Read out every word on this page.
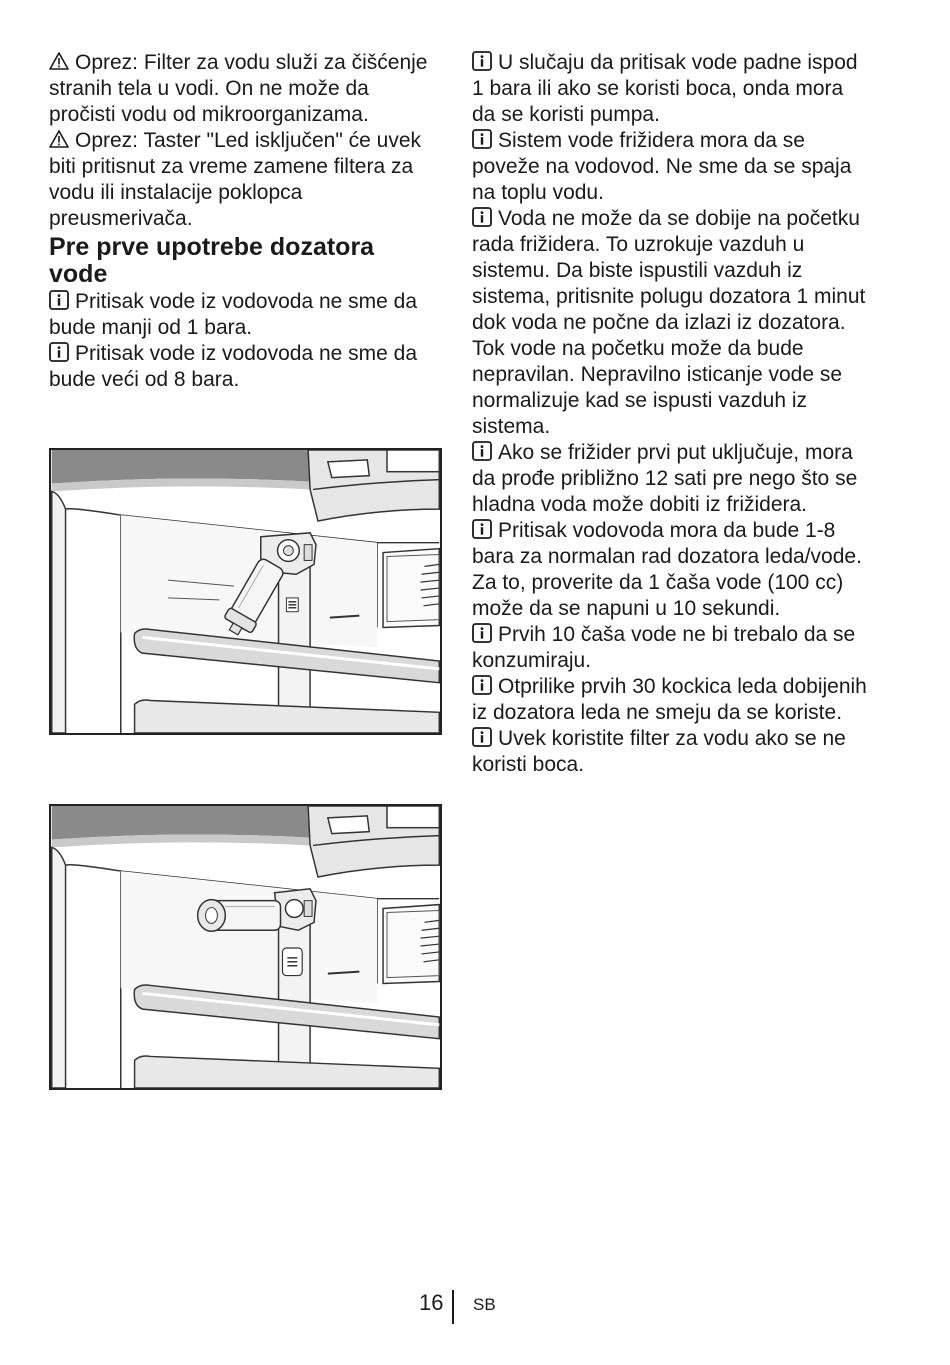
Oprez: Filter za vodu služi za čišćenje stranih tela u vodi. On ne može da pročisti vodu od mikroorganizama.

Oprez: Taster "Led isključen" će uvek biti pritisnut za vreme zamene filtera za vodu ili instalacije poklopca preusmerivača.

Pre prve upotrebe dozatora vode

Pritisak vode iz vodovoda ne sme da bude manji od 1 bara.

Pritisak vode iz vodovoda ne sme da bude veći od 8 bara.

U slučaju da pritisak vode padne ispod 1 bara ili ako se koristi boca, onda mora da se koristi pumpa.

Sistem vode frižidera mora da se poveže na vodovod. Ne sme da se spaja na toplu vodu.

Voda ne može da se dobije na početku rada frižidera. To uzrokuje vazduh u sistemu. Da biste ispustili vazduh iz sistema, pritisnite polugu dozatora 1 minut dok voda ne počne da izlazi iz dozatora. Tok vode na početku može da bude nepravilan. Nepravilno isticanje vode se normalizuje kad se ispusti vazduh iz sistema.

Ako se frižider prvi put uključuje, mora da prođe približno 12 sati pre nego što se hladna voda može dobiti iz frižidera.

Pritisak vodovoda mora da bude 1-8 bara za normalan rad dozatora leda/vode. Za to, proverite da 1 čaša vode (100 cc) može da se napuni u 10 sekundi.

Prvih 10 čaša vode ne bi trebalo da se konzumiraju.

Otprilike prvih 30 kockica leda dobijenih iz dozatora leda ne smeju da se koriste.

Uvek koristite filter za vodu ako se ne koristi boca.

16 SB
